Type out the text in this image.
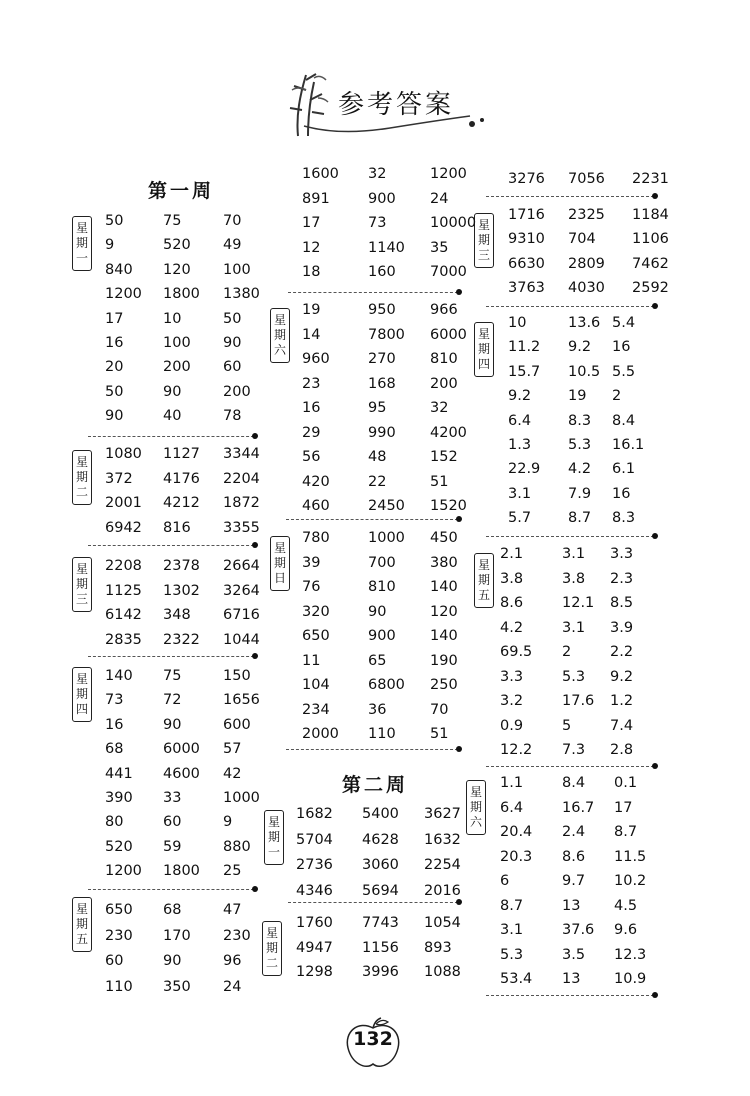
参考答案
第一周
第二周
星期一
星期二
星期三
星期四
星期五
星期六
星期日
星期一
星期二
星期三
星期四
星期五
星期六
50	75	70
9	520 49
840 120 100
1200 1800 1380
17	10	50
16	100 90
20	200 60
50	90	200
90	40	78
1080 1127 3344
372 4176 2204
2001 4212 1872
6942 816 3355
2208 2378 2664
1125 1302 3264
6142 348 6716
2835 2322 1044
140 75	150
73	72	1656
16	90	600
68	6000 57
441 4600 42
390 33	1000
80	60	9
520 59	880
1200 1800 25
650 68	47
230 170 230
60	90	96
110 350 24
1600 32	1200
891	900 24
17	73	10000
12	1140 35
18	160 7000
19	950 966
14	7800 6000
960	270 810
23	168 200
16	95	32
29	990 4200
56	48	152
420	22	51
460	2450 1520
780	1000 450
39	700 380
76	810 140
320	90	120
650	900 140
11	65	190
104	6800 250
234	36	70
2000 110 51
1682 5400 3627
5704 4628 1632
2736 3060 2254
4346 5694 2016
1760 7743 1054
4947 1156 893
1298 3996 1088
3276 7056 2231
1716 2325 1184
9310 704	1106
6630 2809 7462
3763 4030 2592
10	13.6 5.4
11.2 9.2 16
15.7 10.5 5.5
9.2	19 2
6.4	8.3 8.4
1.3	5.3 16.1
22.9 4.2 6.1
3.1	7.9 16
5.7	8.7 8.3
2.1	3.1 3.3
3.8	3.8 2.3
8.6	12.1 8.5
4.2	3.1 3.9
69.5 2	2.2
3.3	5.3 9.2
3.2	17.6 1.2
0.9	5	7.4
12.2 7.3 2.8
1.1	8.4 0.1
6.4	16.7 17
20.4 2.4 8.7
20.3 8.6 11.5
6	9.7 10.2
8.7	13 4.5
3.1	37.6 9.6
5.3	3.5 12.3
53.4 13 10.9
132
